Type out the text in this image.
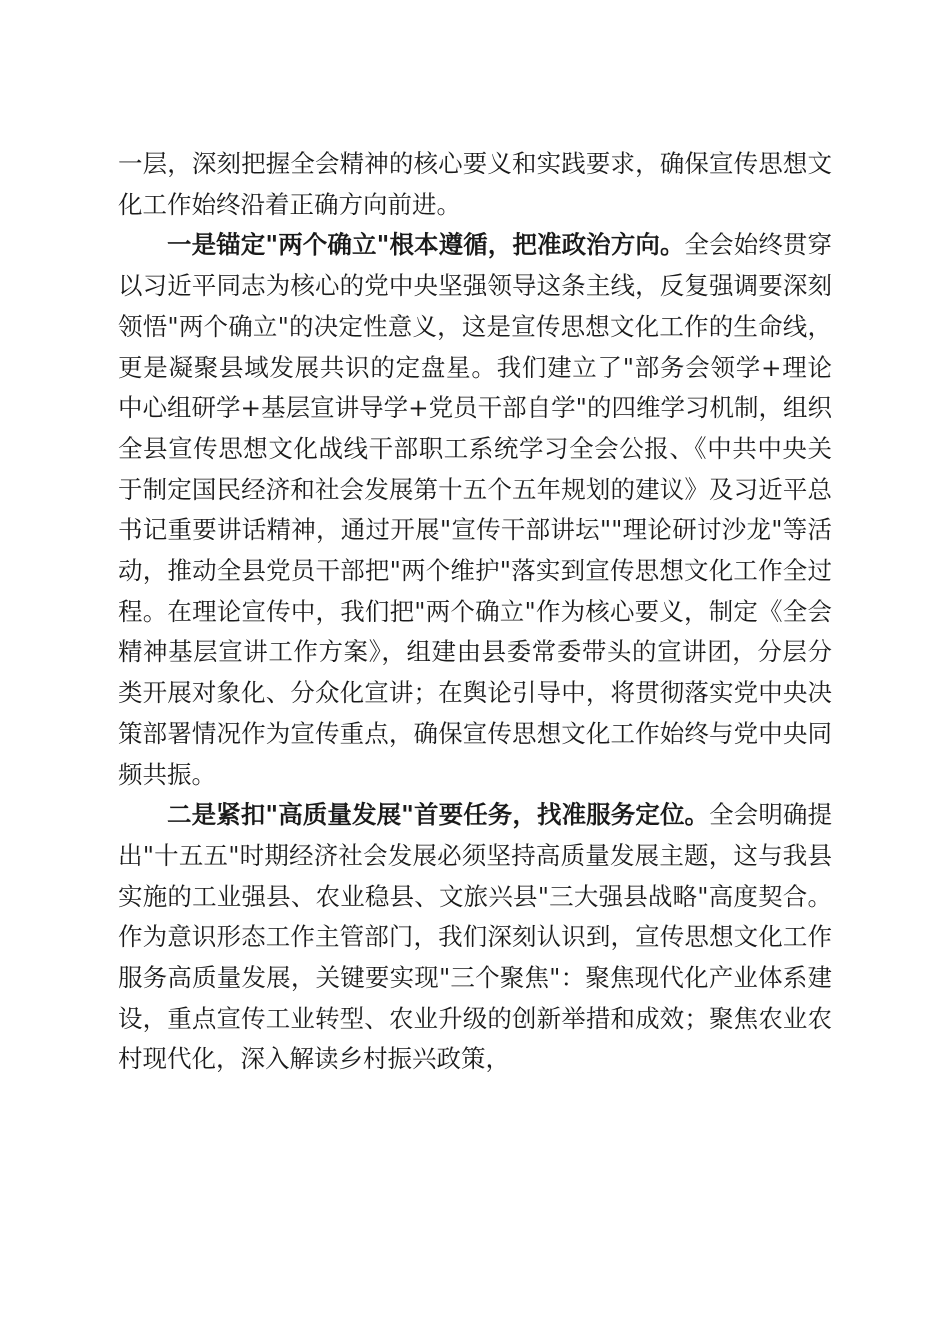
一层，深刻把握全会精神的核心要义和实践要求，确保宣传思想文化工作始终沿着正确方向前进。

一是锚定"两个确立"根本遵循，把准政治方向。全会始终贯穿以习近平同志为核心的党中央坚强领导这条主线，反复强调要深刻领悟"两个确立"的决定性意义，这是宣传思想文化工作的生命线，更是凝聚县域发展共识的定盘星。我们建立了"部务会领学+理论中心组研学+基层宣讲导学+党员干部自学"的四维学习机制，组织全县宣传思想文化战线干部职工系统学习全会公报、《中共中央关于制定国民经济和社会发展第十五个五年规划的建议》及习近平总书记重要讲话精神，通过开展"宣传干部讲坛""理论研讨沙龙"等活动，推动全县党员干部把"两个维护"落实到宣传思想文化工作全过程。在理论宣传中，我们把"两个确立"作为核心要义，制定《全会精神基层宣讲工作方案》，组建由县委常委带头的宣讲团，分层分类开展对象化、分众化宣讲；在舆论引导中，将贯彻落实党中央决策部署情况作为宣传重点，确保宣传思想文化工作始终与党中央同频共振。

二是紧扣"高质量发展"首要任务，找准服务定位。全会明确提出"十五五"时期经济社会发展必须坚持高质量发展主题，这与我县实施的工业强县、农业稳县、文旅兴县"三大强县战略"高度契合。作为意识形态工作主管部门，我们深刻认识到，宣传思想文化工作服务高质量发展，关键要实现"三个聚焦"：聚焦现代化产业体系建设，重点宣传工业转型、农业升级的创新举措和成效；聚焦农业农村现代化，深入解读乡村振兴政策，
